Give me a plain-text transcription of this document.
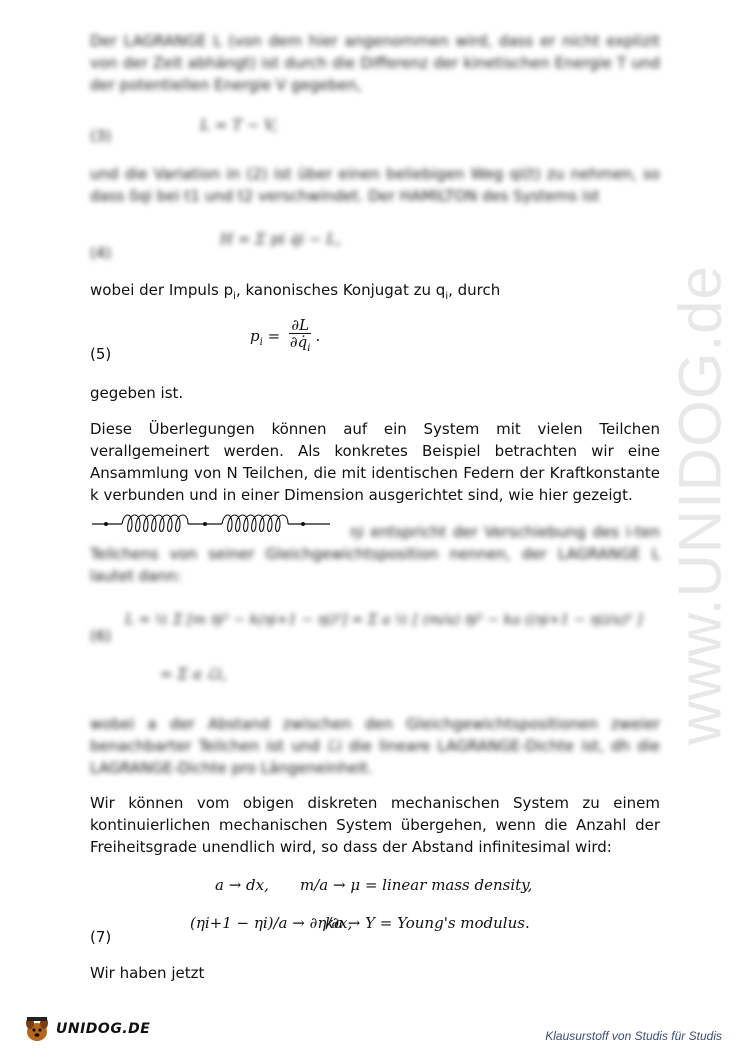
Der LAGRANGE L (von dem hier angenommen wird, dass er nicht explizit von der Zeit abhängt) ist durch die Differenz der kinetischen Energie T und der potentiellen Energie V gegeben,
(3)
L = T − V,
und die Variation in (2) ist über einen beliebigen Weg qi(t) zu nehmen, so dass δqi bei t1 und t2 verschwindet. Der HAMILTON des Systems ist
(4)
H = Σ pi q̇i − L,
wobei der Impuls $p_i$, kanonisches Konjugat zu $q_i$, durch
$p_i = \frac{\partial L}{\partial q̇_i}$ .
(5)
gegeben ist.
Diese Überlegungen können auf ein System mit vielen Teilchen verallgemeinert werden. Als konkretes Beispiel betrachten wir eine Ansammlung von N Teilchen, die mit identischen Federn der Kraftkonstante k verbunden und in einer Dimension ausgerichtet sind, wie hier gezeigt.
ηi entspricht der Verschiebung des i-ten Teilchens von seiner Gleichgewichtsposition nennen, der LAGRANGE L lautet dann:
(6)
L = ½ Σ [m η̇i² − k(ηi+1 − ηi)²] = Σ a ½ [ (m/a) η̇i² − ka ((ηi+1 − ηi)/a)² ]
= Σ a ℒi,
wobei a der Abstand zwischen den Gleichgewichtspositionen zweier benachbarter Teilchen ist und ℒi die lineare LAGRANGE-Dichte ist, dh die LAGRANGE-Dichte pro Längeneinheit.
Wir können vom obigen diskreten mechanischen System zu einem kontinuierlichen mechanischen System übergehen, wenn die Anzahl der Freiheitsgrade unendlich wird, so dass der Abstand infinitesimal wird:
a → dx, m/a → μ = linear mass density,
(ηi+1 − ηi)/a → ∂η/∂x,
ka → Y = Young's modulus.
(7)
Wir haben jetzt
www.UNIDOG.de
UNIDOG.DE	Klausurstoff von Studis für Studis
